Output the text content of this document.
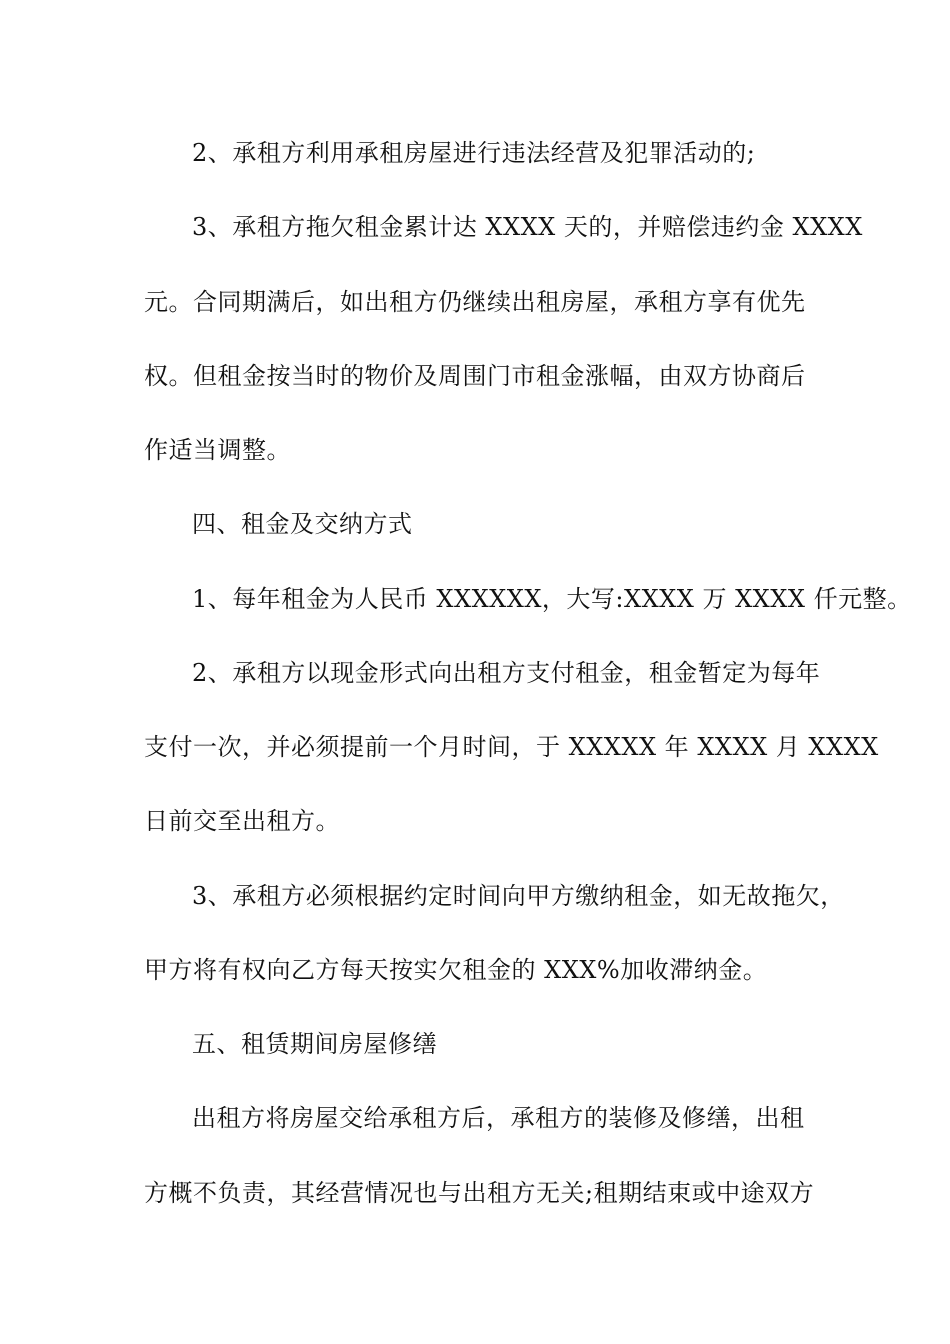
2、承租方利用承租房屋进行违法经营及犯罪活动的;
3、承租方拖欠租金累计达 XXXX 天的，并赔偿违约金 XXXX
元。合同期满后，如出租方仍继续出租房屋，承租方享有优先
权。但租金按当时的物价及周围门市租金涨幅，由双方协商后
作适当调整。
四、租金及交纳方式
1、每年租金为人民币 XXXXXX，大写:XXXX 万 XXXX 仟元整。
2、承租方以现金形式向出租方支付租金，租金暂定为每年
支付一次，并必须提前一个月时间，于 XXXXX 年 XXXX 月 XXXX
日前交至出租方。
3、承租方必须根据约定时间向甲方缴纳租金，如无故拖欠，
甲方将有权向乙方每天按实欠租金的 XXX%加收滞纳金。
五、租赁期间房屋修缮
出租方将房屋交给承租方后，承租方的装修及修缮，出租
方概不负责，其经营情况也与出租方无关;租期结束或中途双方
